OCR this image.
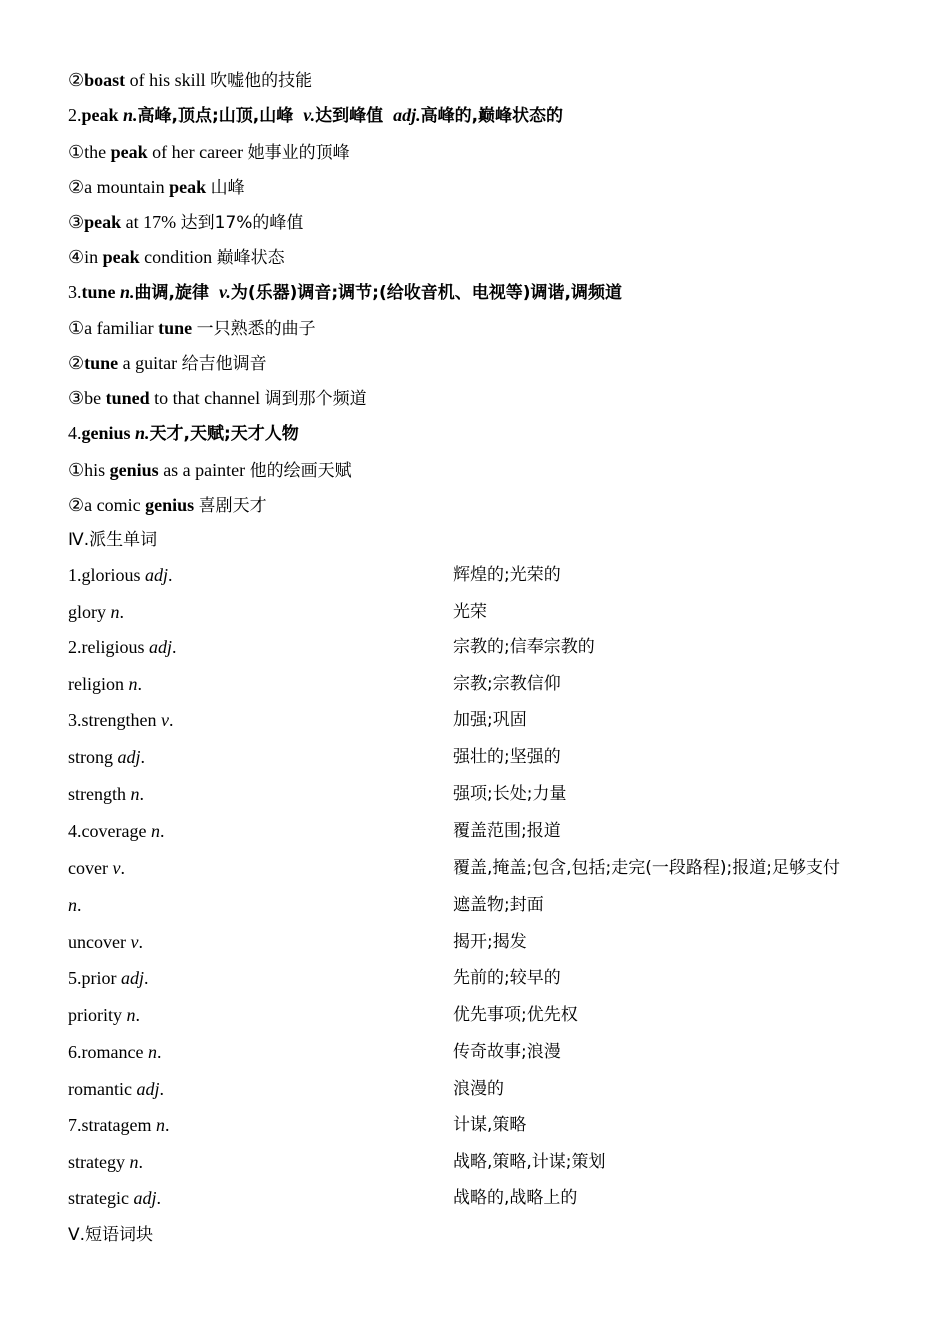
②boast of his skill 吹嘘他的技能
2.peak n.高峰,顶点;山顶,山峰 v.达到峰值 adj.高峰的,巅峰状态的
①the peak of her career 她事业的顶峰
②a mountain peak 山峰
③peak at 17% 达到17%的峰值
④in peak condition 巅峰状态
3.tune n.曲调,旋律 v.为(乐器)调音;调节;(给收音机、电视等)调谐,调频道
①a familiar tune 一只熟悉的曲子
②tune a guitar 给吉他调音
③be tuned to that channel 调到那个频道
4.genius n.天才,天赋;天才人物
①his genius as a painter 他的绘画天赋
②a comic genius 喜剧天才
Ⅳ.派生单词
1.glorious adj.	辉煌的;光荣的
glory n.	光荣
2.religious adj.	宗教的;信奉宗教的
religion n.	宗教;宗教信仰
3.strengthen v.	加强;巩固
strong adj.	强壮的;坚强的
strength n.	强项;长处;力量
4.coverage n.	覆盖范围;报道
cover v.	覆盖,掩盖;包含,包括;走完(一段路程);报道;足够支付
n.	遮盖物;封面
uncover v.	揭开;揭发
5.prior adj.	先前的;较早的
priority n.	优先事项;优先权
6.romance n.	传奇故事;浪漫
romantic adj.	浪漫的
7.stratagem n.	计谋,策略
strategy n.	战略,策略,计谋;策划
strategic adj.	战略的,战略上的
Ⅴ.短语词块
